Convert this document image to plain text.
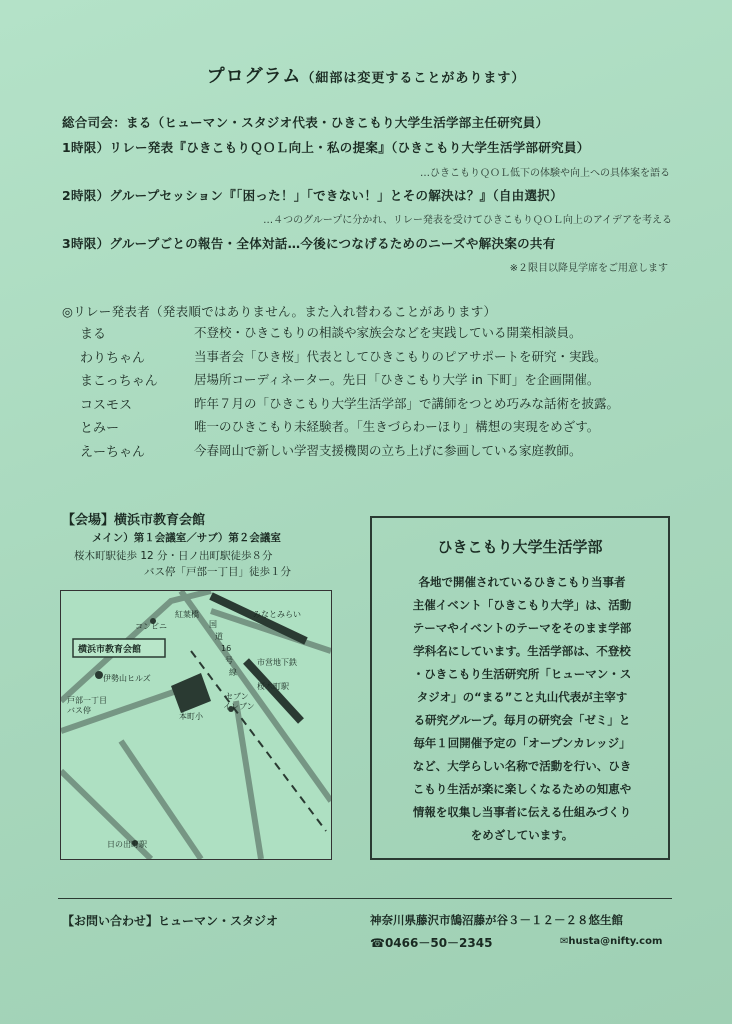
プログラム（細部は変更することがあります）
総合司会：まる（ヒューマン・スタジオ代表・ひきこもり大学生活学部主任研究員）
1時限）リレー発表『ひきこもりＱＯＬ向上・私の提案』（ひきこもり大学生活学部研究員）
…ひきこもりＱＯＬ低下の体験や向上への具体案を語る
2時限）グループセッション『「困った！」「できない！」とその解決は？』（自由選択）
…４つのグループに分かれ、リレー発表を受けてひきこもりＱＯＬ向上のアイデアを考える
3時限）グループごとの報告・全体対話…今後につなげるためのニーズや解決案の共有
※２限目以降見学席をご用意します
◎リレー発表者（発表順ではありません。また入れ替わることがあります）
まる	不登校・ひきこもりの相談や家族会などを実践している開業相談員。
わりちゃん	当事者会「ひき桜」代表としてひきこもりのピアサポートを研究・実践。
まこっちゃん	居場所コーディネーター。先日「ひきこもり大学 in 下町」を企画開催。
コスモス	昨年７月の「ひきこもり大学生活学部」で講師をつとめ巧みな話術を披露。
とみー	唯一のひきこもり未経験者。「生きづらわーほり」構想の実現をめざす。
えーちゃん	今春岡山で新しい学習支援機関の立ち上げに参画している家庭教師。
【会場】横浜市教育会館
メイン）第１会議室／サブ）第２会議室
桜木町駅徒歩 12 分・日ノ出町駅徒歩８分
バス停「戸部一丁目」徒歩１分
横浜市教育会館
コンビニ
紅葉橋
国
道
16
号
線
みなとみらい
市営地下鉄
桜木町駅
本町小
セブン
イレブン
伊勢山ヒルズ
戸部一丁目
バス停
日の出町駅
ひきこもり大学生活学部
各地で開催されているひきこもり当事者
主催イベント「ひきこもり大学」は、活動
テーマやイベントのテーマをそのまま学部
学科名にしています。生活学部は、不登校
・ひきこもり生活研究所「ヒューマン・ス
タジオ」の“まる”こと丸山代表が主宰す
る研究グループ。毎月の研究会「ゼミ」と
毎年１回開催予定の「オープンカレッジ」
など、大学らしい名称で活動を行い、ひき
こもり生活が楽に楽しくなるための知恵や
情報を収集し当事者に伝える仕組みづくり
をめざしています。
【お問い合わせ】ヒューマン・スタジオ	神奈川県藤沢市鵠沼藤が谷３－１２－２８悠生館
☎0466－50－2345	✉husta@nifty.com
